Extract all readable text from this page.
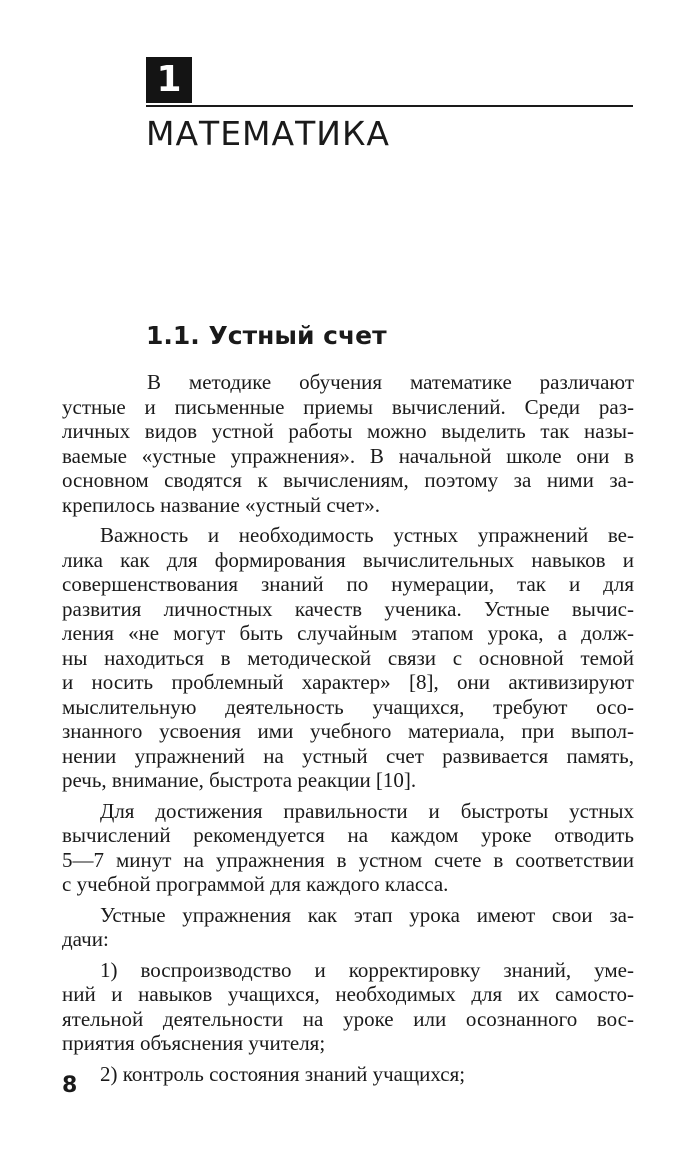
1
МАТЕМАТИКА
1.1. Устный счет
В методике обучения математике различают
устные и письменные приемы вычислений. Среди раз-
личных видов устной работы можно выделить так назы-
ваемые «устные упражнения». В начальной школе они в
основном сводятся к вычислениям, поэтому за ними за-
крепилось название «устный счет».
Важность и необходимость устных упражнений ве-
лика как для формирования вычислительных навыков и
совершенствования знаний по нумерации, так и для
развития личностных качеств ученика. Устные вычис-
ления «не могут быть случайным этапом урока, а долж-
ны находиться в методической связи с основной темой
и носить проблемный характер» [8], они активизируют
мыслительную деятельность учащихся, требуют осо-
знанного усвоения ими учебного материала, при выпол-
нении упражнений на устный счет развивается память,
речь, внимание, быстрота реакции [10].
Для достижения правильности и быстроты устных
вычислений рекомендуется на каждом уроке отводить
5—7 минут на упражнения в устном счете в соответствии
с учебной программой для каждого класса.
Устные упражнения как этап урока имеют свои за-
дачи:
1) воспроизводство и корректировку знаний, уме-
ний и навыков учащихся, необходимых для их самосто-
ятельной деятельности на уроке или осознанного вос-
приятия объяснения учителя;
2) контроль состояния знаний учащихся;
8
